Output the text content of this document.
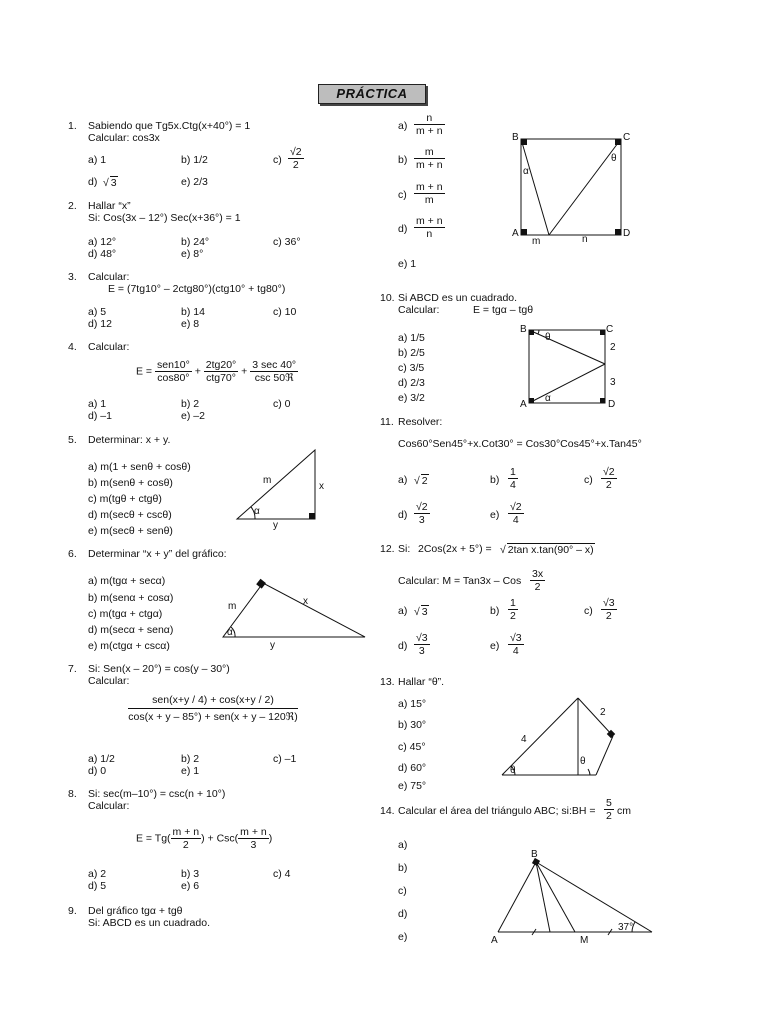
PRÁCTICA
1. Sabiendo que Tg5x.Ctg(x+40°) = 1
Calcular: cos3x
a) 1	b) 1/2	$c) \frac{√2}{2}$
d) √ 3	e) 2/3
2. Hallar “x”
Si: Cos(3x – 12°) Sec(x+36°) = 1
a) 12°	b) 24°	c) 36°
d) 48°	e) 8°
3. Calcular:
E = (7tg10° – 2ctg80°)(ctg10° + tg80°)
a) 5	b) 14	c) 10
d) 12	e) 8
4. Calcular:
$E = \frac{\text{sen10°}}{\cos 80^\circ} + \frac{2tg20^\circ}{\text{ctg70°}} + \frac{3 \sec 40^\circ}{\text{csc 50ℜ}}$
a) 1	b) 2	c) 0
d) –1	e) –2
5. Determinar: x + y.
a) m(1 + senθ + cosθ)
b) m(senθ + cosθ)
c) m(tgθ + ctgθ)
d) m(secθ + cscθ)
e) m(secθ + senθ)
m
x
y
α
6. Determinar “x + y” del gráfico:
a) m(tgα + secα)
b) m(senα + cosα)
c) m(tgα + ctgα)
d) m(secα + senα)
e) m(ctgα + cscα)
m	x
y
α
7. Si: Sen(x – 20°) = cos(y – 30°)
Calcular:
sen(x+y / 4) + cos(x+y / 2)
cos(x + y – 85°) + sen(x + y – 120ℜ)
a) 1/2	b) 2	c) –1
d) 0	e) 1
8. Si: sec(m–10°) = csc(n + 10°)
Calcular:
$E = Tg( \frac{m + n}{2}$ ) + $Csc( \frac{m + n}{3}$ )
a) 2	b) 3	c) 4
d) 5	e) 6
9. Del gráfico tgα + tgθ
Si: ABCD es un cuadrado.
$a) \frac{n}{m + n}$
$b) \frac{m}{m + n}$
$c) \frac{m + n}{m}$
$d) \frac{m + n}{n}$
e) 1
B	C
A	D
m	n
α
θ
10. Si ABCD es un cuadrado.
Calcular:	E = tgα – tgθ
a) 1/5
b) 2/5
c) 3/5
d) 2/3
e) 3/2
B	C
A	D
2
3
α
θ
11. Resolver:
Cos60°Sen45°+x.Cot30° = Cos30°Cos45°+x.Tan45°
a) √ 2	$b) \frac{1}{4}$	$c) \frac{√2}{2}$
$d) \frac{√2}{3}$	$e) \frac{√2}{4}$
12. Si: 2Cos(2x + 5°) = √ 2tan x.tan(90° – x)
Calcular: M = Tan3x – Cos $\frac{3x}{2}$
a) √ 3	$b) \frac{1}{2}$	$c) \frac{√3}{2}$
$d) \frac{√3}{3}$	$e) \frac{√3}{4}$
13. Hallar “θ”.
a) 15°
b) 30°
c) 45°
d) 60°
e) 75°
4
2
θ
θ
14. Calcular el área del triángulo ABC; si:BH = $\frac{5}{2}$ cm
a)
b)
c)
d)
e)
B
A	M
37°
